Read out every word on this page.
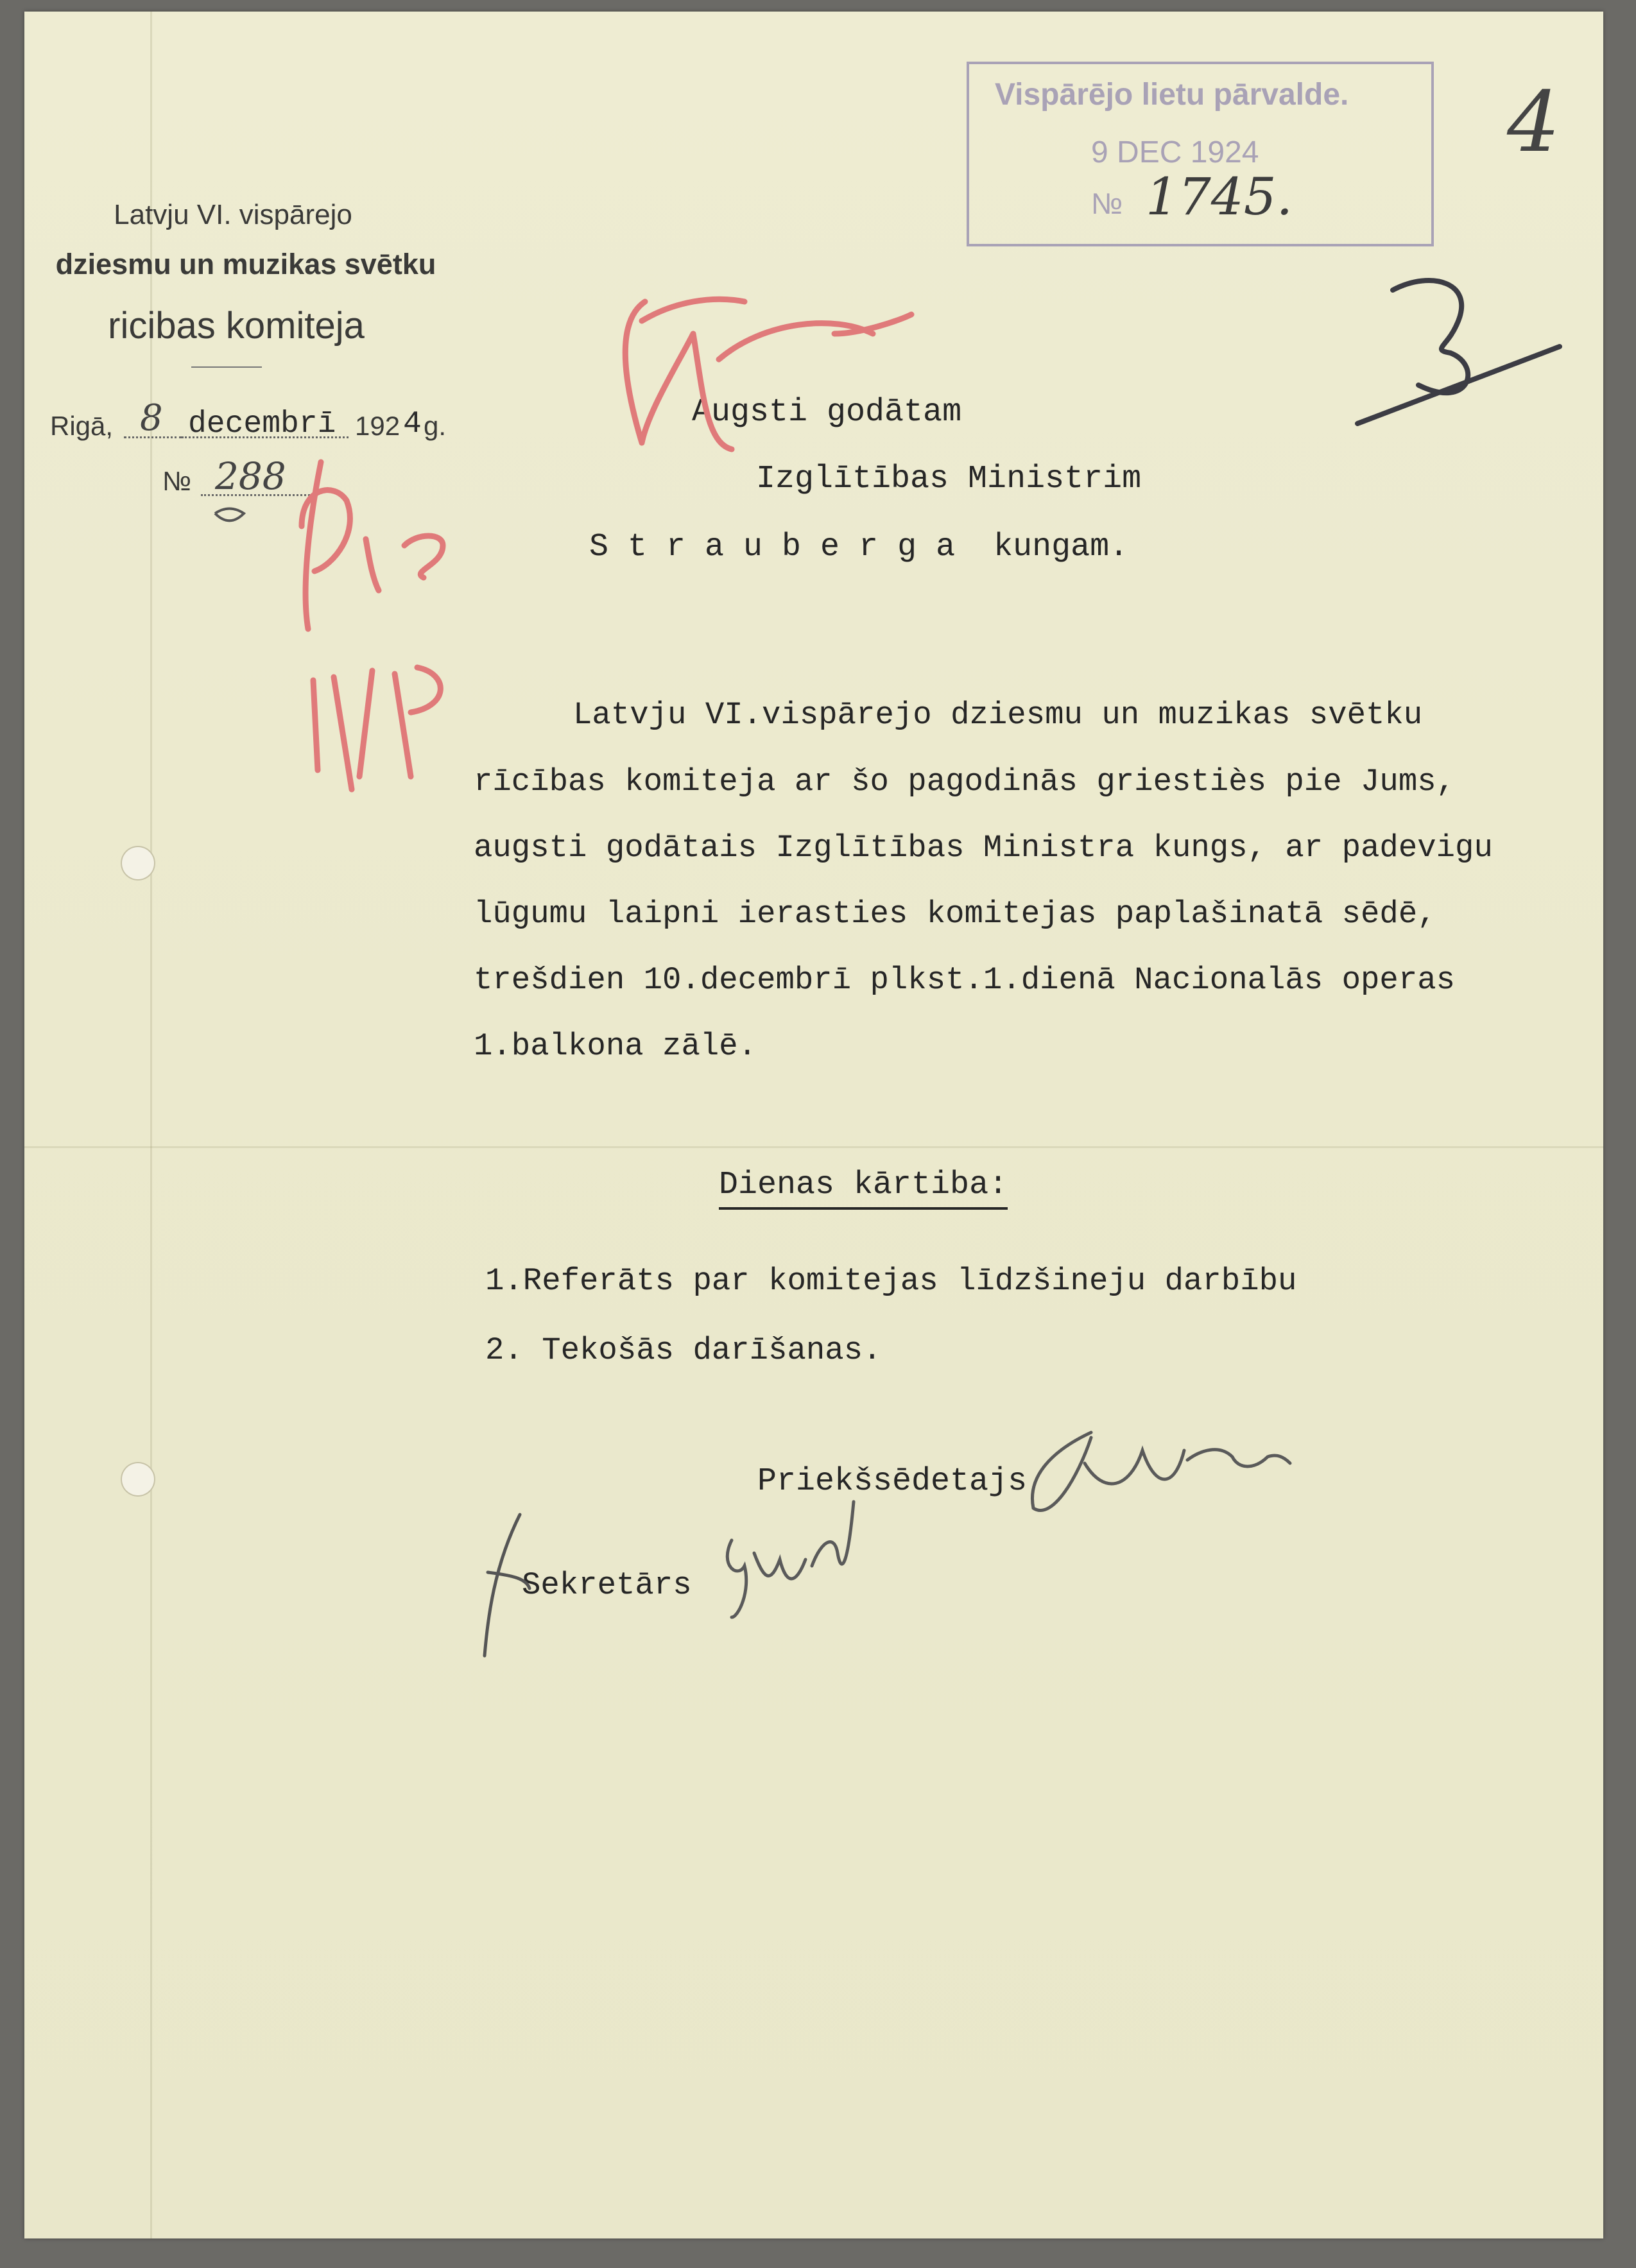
Latvju VI. vispārejo
dziesmu un muzikas svētku
ricibas komiteja
Rigā, 8 decembrī 192 4 g.
№ 288
Vispārējo lietu pārvalde.
9 DEC 1924
№ 1745.
4
Augsti godātam
Izglītības Ministrim
S t r a u b e r g a  kungam.
Latvju VI.vispārejo dziesmu un muzikas svētku
rīcības komiteja ar šo pagodinās griestiès pie Jums,
augsti godātais Izglītības Ministra kungs, ar padevigu
lūgumu laipni ierasties komitejas paplašinatā sēdē,
trešdien 10.decembrī plkst.1.dienā Nacionalās operas
1.balkona zālē.
Dienas kārtiba:
1.Referāts par komitejas līdzšineju darbību
2. Tekošās darīšanas.
Priekšsēdetajs
Sekretārs
